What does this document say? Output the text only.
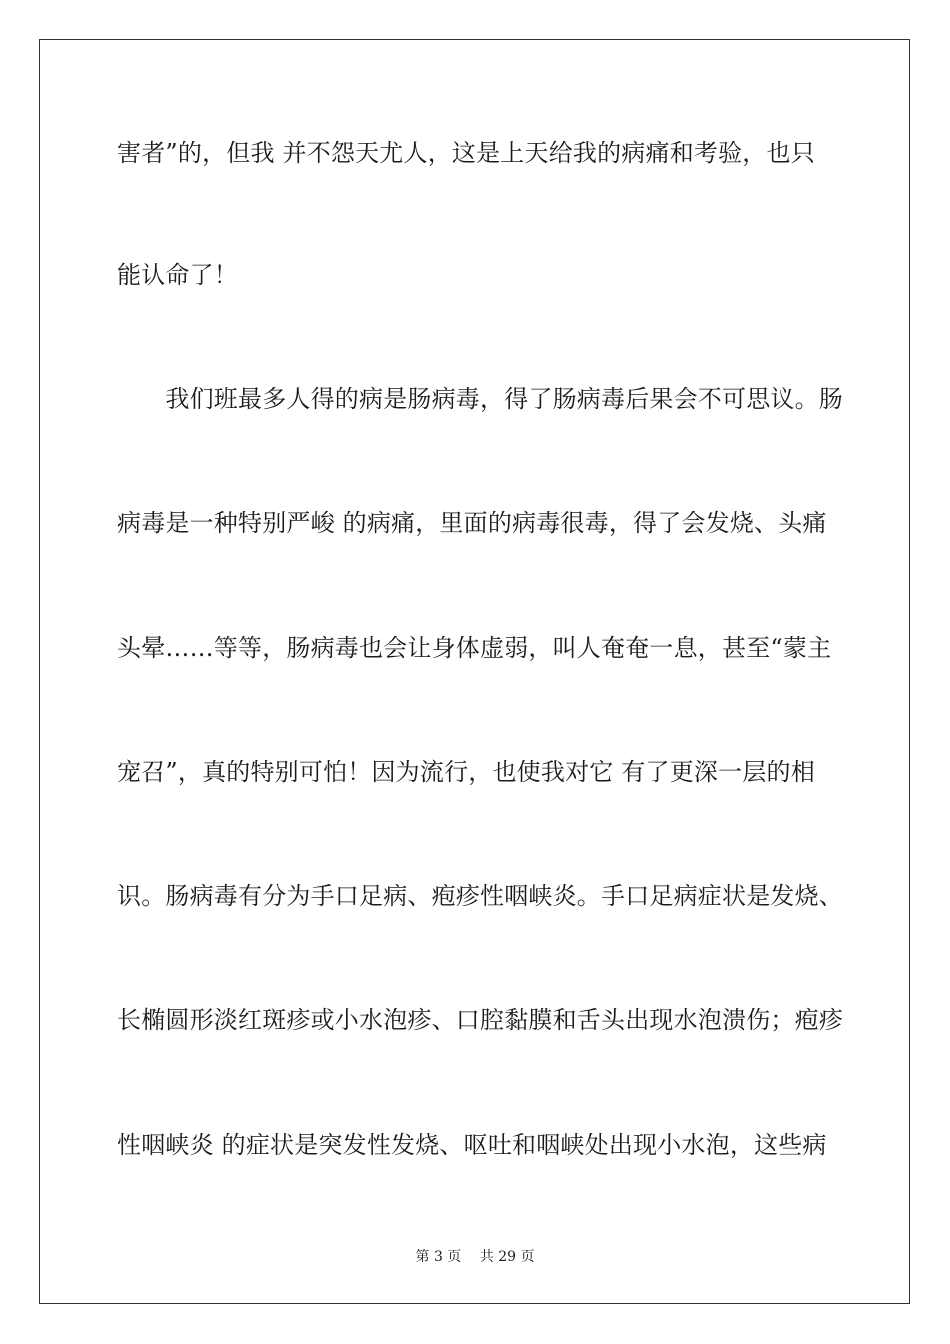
害者”的，但我 并不怨天尤人，这是上天给我的病痛和考验，也只
能认命了！
　　我们班最多人得的病是肠病毒，得了肠病毒后果会不可思议。肠
病毒是一种特别严峻 的病痛，里面的病毒很毒，得了会发烧、头痛
头晕……等等，肠病毒也会让身体虚弱，叫人奄奄一息，甚至“蒙主
宠召”，真的特别可怕！因为流行，也使我对它 有了更深一层的相
识。肠病毒有分为手口足病、疱疹性咽峡炎。手口足病症状是发烧、
长椭圆形淡红斑疹或小水泡疹、口腔黏膜和舌头出现水泡溃伤；疱疹
性咽峡炎 的症状是突发性发烧、呕吐和咽峡处出现小水泡，这些病
第 3 页　 共 29 页
